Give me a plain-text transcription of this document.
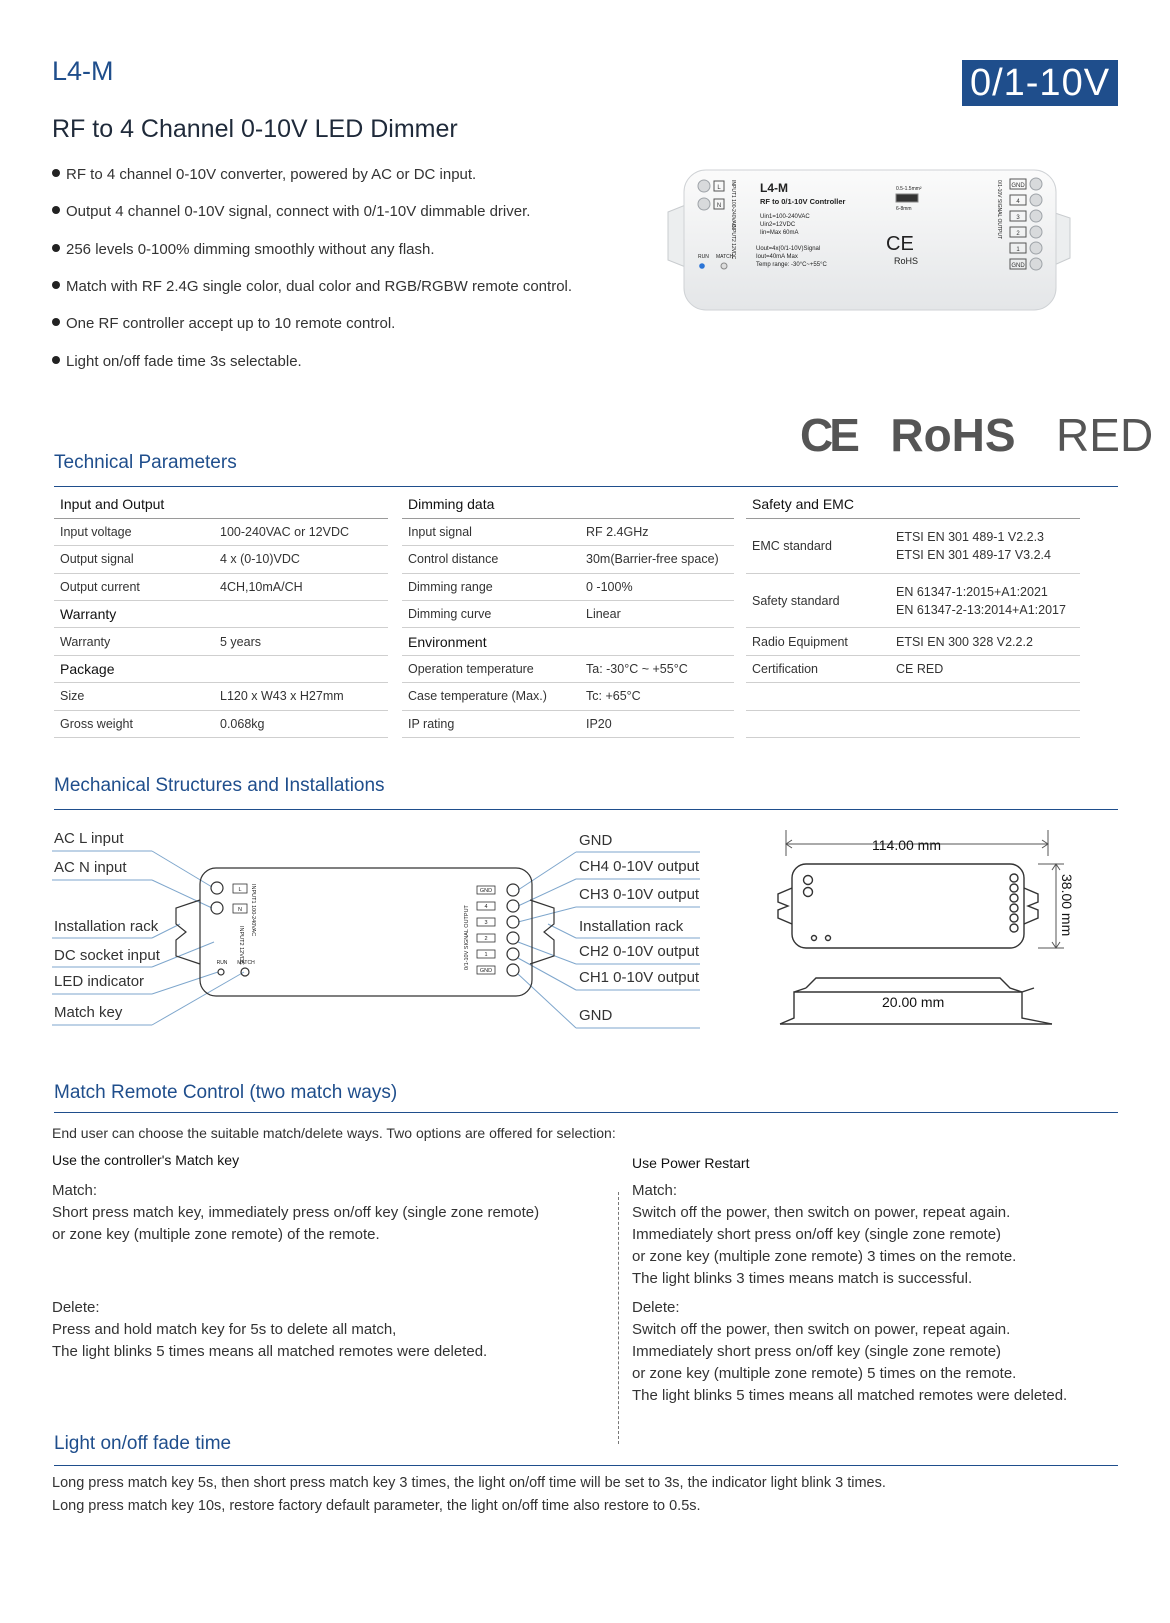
L4-M	0/1-10V
RF to 4 Channel 0-10V LED Dimmer
RF to 4 channel 0-10V converter, powered by AC or DC input.
Output 4 channel 0-10V signal, connect with 0/1-10V dimmable driver.
256 levels 0-100% dimming smoothly without any flash.
Match with RF 2.4G single color, dual color and RGB/RGBW remote control.
One RF controller accept up to 10 remote control.
Light on/off fade time 3s selectable.
L
N
GND
4
3
2
1
GND
INPUT1 100-240VAC
INPUT2 12VDC
L4-M
RF to 0/1-10V Controller
Uin1=100-240VAC
Uin2=12VDC
Iin=Max 60mA
Uout=4x(0/1-10V)Signal
Iout=40mA Max
Temp range: -30°C~+55°C
RUN MATCH
0.5-1.5mm²
6-8mm
CE
RoHS
0/1-10V SIGNAL OUTPUT
CE RoHS RED
Technical Parameters
Input and Output	
Input voltage	100-240VAC or 12VDC
Output signal	4 x (0-10)VDC
Output current	4CH,10mA/CH
Warranty	
Warranty	5 years
Package	
Size	L120 x W43 x H27mm
Gross weight	0.068kg
Dimming data	
Input signal	RF 2.4GHz
Control distance	30m(Barrier-free space)
Dimming range	0 -100%
Dimming curve	Linear
Environment	
Operation temperature	Ta: -30°C ~ +55°C
Case temperature (Max.)	Tc: +65°C
IP rating	IP20
Safety and EMC	
EMC standard	ETSI EN 301 489-1 V2.2.3
ETSI EN 301 489-17 V3.2.4

Safety standard	EN 61347-1:2015+A1:2021
EN 61347-2-13:2014+A1:2017

Radio Equipment	ETSI EN 300 328 V2.2.2
Certification	CE RED

Mechanical Structures and Installations
AC L input
AC N input
Installation rack
DC socket input
LED indicator
Match key
GND
CH4 0-10V output
CH3 0-10V output
Installation rack
CH2 0-10V output
CH1 0-10V output
GND
L
N
GND
4
3
2
1
GND
RUN MATCH
INPUT1 100-240VAC
INPUT2 12VDC	0/1-10V SIGNAL OUTPUT
114.00 mm
38.00 mm
20.00 mm
Match Remote Control (two match ways)
End user can choose the suitable match/delete ways. Two options are offered for selection:
Use the controller's Match key	Use Power Restart
Match:
Short press match key, immediately press on/off key (single zone remote)
or zone key (multiple zone remote) of the remote.
Delete:
Press and hold match key for 5s to delete all match,
The light blinks 5 times means all matched remotes were deleted.
Match:
Switch off the power, then switch on power, repeat again.
Immediately short press on/off key (single zone remote)
or zone key (multiple zone remote) 3 times on the remote.
The light blinks 3 times means match is successful.
Delete:
Switch off the power, then switch on power, repeat again.
Immediately short press on/off key (single zone remote)
or zone key (multiple zone remote) 5 times on the remote.
The light blinks 5 times means all matched remotes were deleted.
Light on/off fade time
Long press match key 5s, then short press match key 3 times, the light on/off time will be set to 3s, the indicator light blink 3 times.
Long press match key 10s, restore factory default parameter, the light on/off time also restore to 0.5s.
